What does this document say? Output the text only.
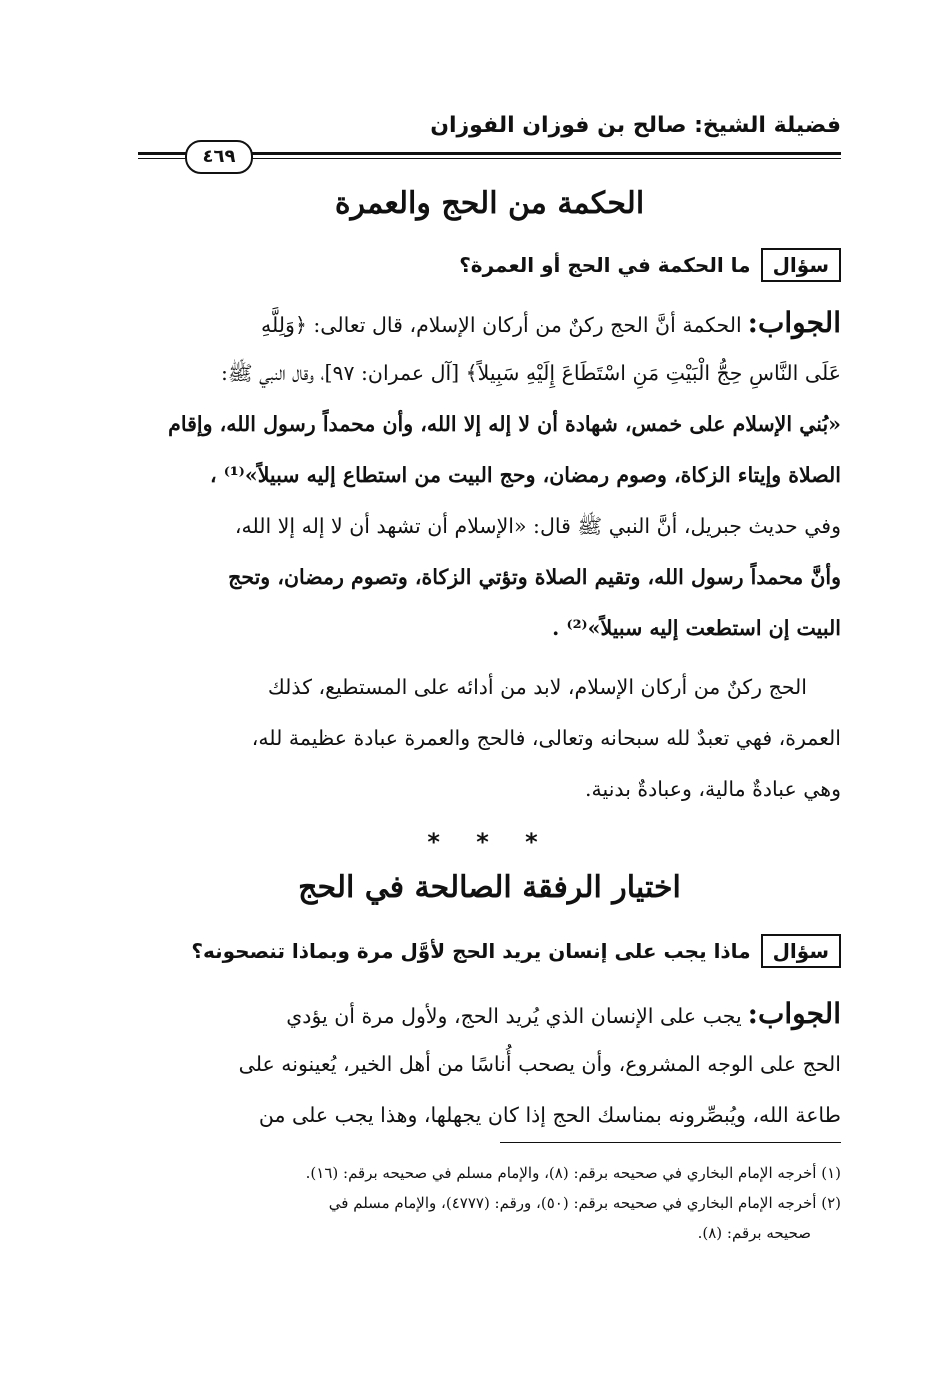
فضيلة الشيخ: صالح بن فوزان الفوزان
٤٦٩
الحكمة من الحج والعمرة
سؤالما الحكمة في الحج أو العمرة؟
الجواب:الحكمة أنَّ الحج ركنٌ من أركان الإسلام، قال تعالى: ﴿وَلِلَّهِ
عَلَى النَّاسِ حِجُّ الْبَيْتِ مَنِ اسْتَطَاعَ إِلَيْهِ سَبِيلاً﴾ [آل عمران: ٩٧]، وقال النبي ﷺ:
«بُني الإسلام على خمس، شهادة أن لا إله إلا الله، وأن محمداً رسول الله، وإقام
الصلاة وإيتاء الزكاة، وصوم رمضان، وحج البيت من استطاع إليه سبيلاً»⁽¹⁾ ،
وفي حديث جبريل، أنَّ النبي ﷺ قال: «الإسلام أن تشهد أن لا إله إلا الله،
وأنَّ محمداً رسول الله، وتقيم الصلاة وتؤتي الزكاة، وتصوم رمضان، وتحج
البيت إن استطعت إليه سبيلاً»⁽²⁾ .
الحج ركنٌ من أركان الإسلام، لابد من أدائه على المستطيع، كذلك
العمرة، فهي تعبدٌ لله سبحانه وتعالى، فالحج والعمرة عبادة عظيمة لله،
وهي عبادةٌ مالية، وعبادةٌ بدنية.
* * *
اختيار الرفقة الصالحة في الحج
سؤالماذا يجب على إنسان يريد الحج لأوَّل مرة وبماذا تنصحونه؟
الجواب:يجب على الإنسان الذي يُريد الحج، ولأول مرة أن يؤدي
الحج على الوجه المشروع، وأن يصحب أُناسًا من أهل الخير، يُعينونه على
طاعة الله، ويُبصِّرونه بمناسك الحج إذا كان يجهلها، وهذا يجب على من
(١) أخرجه الإمام البخاري في صحيحه برقم: (٨)، والإمام مسلم في صحيحه برقم: (١٦).
(٢) أخرجه الإمام البخاري في صحيحه برقم: (٥٠)، ورقم: (٤٧٧٧)، والإمام مسلم في
صحيحه برقم: (٨).
